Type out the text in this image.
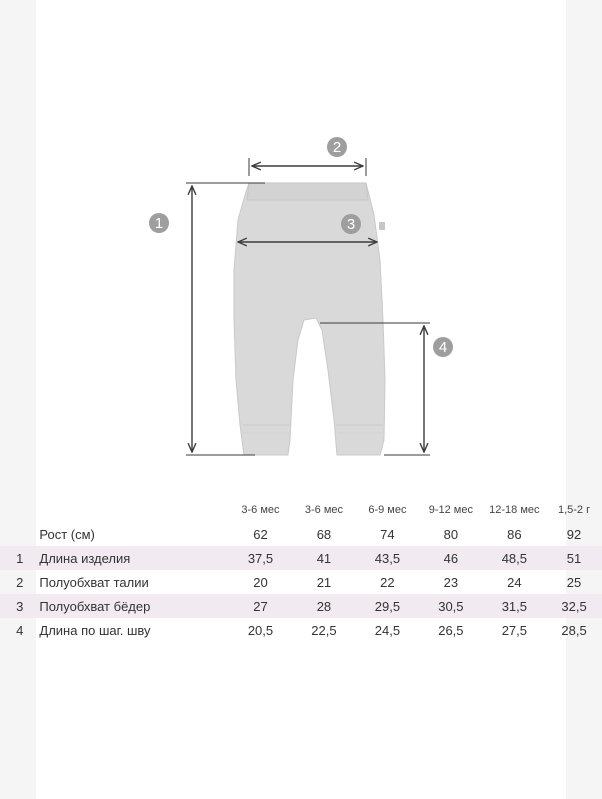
1
2
3
4
		3-6 мес	3-6 мес	6-9 мес	9-12 мес	12-18 мес	1,5-2 г
	Рост (см)	62	68	74	80	86	92
1	Длина изделия	37,5	41	43,5	46	48,5	51
2	Полуобхват талии	20	21	22	23	24	25
3	Полуобхват бёдер	27	28	29,5	30,5	31,5	32,5
4	Длина по шаг. шву	20,5	22,5	24,5	26,5	27,5	28,5
